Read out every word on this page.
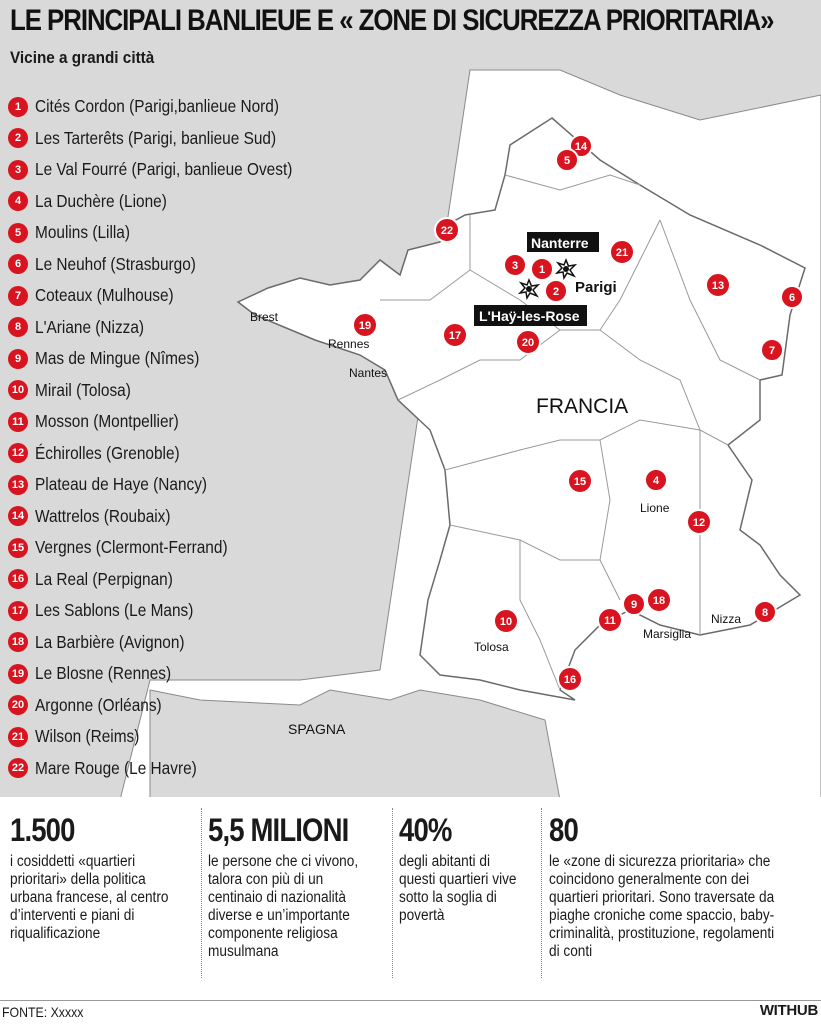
Brest
Rennes
Nantes
Lione
Tolosa
Marsiglia
Nizza
Parigi
FRANCIA
SPAGNA
Nanterre
L'Haÿ-les-Rose
14
5
22
21
3 1
2	13
6
19
17
20
7
4
15
12
18
9
8
11
10
16
LE PRINCIPALI BANLIEUE E « ZONE DI SICUREZZA PRIORITARIA»
Vicine a grandi città
1 Cités Cordon (Parigi,banlieue Nord)
2 Les Tarterêts (Parigi, banlieue Sud)
3 Le Val Fourré (Parigi, banlieue Ovest)
4 La Duchère (Lione)
5 Moulins (Lilla)
6 Le Neuhof (Strasburgo)
7 Coteaux (Mulhouse)
8 L'Ariane (Nizza)
9 Mas de Mingue (Nîmes)
10 Mirail (Tolosa)
11 Mosson (Montpellier)
12 Échirolles (Grenoble)
13 Plateau de Haye (Nancy)
14 Wattrelos (Roubaix)
15 Vergnes (Clermont-Ferrand)
16 La Real (Perpignan)
17 Les Sablons (Le Mans)
18 La Barbière (Avignon)
19 Le Blosne (Rennes)
20 Argonne (Orléans)
21 Wilson (Reims)
22 Mare Rouge (Le Havre)
1.500
i cosiddetti «quartieri prioritari» della politica urbana francese, al centro d’interventi e piani di riqualificazione
5,5 MILIONI
le persone che ci vivono, talora con più di un centinaio di nazionalità diverse e un’importante componente religiosa musulmana
40%
degli abitanti di questi quartieri vive sotto la soglia di povertà
80
le «zone di sicurezza prioritaria» che coincidono generalmente con dei quartieri prioritari. Sono traversate da piaghe croniche come spaccio, baby-criminalità, prostituzione, regolamenti di conti
FONTE: Xxxxx	WITHUB
